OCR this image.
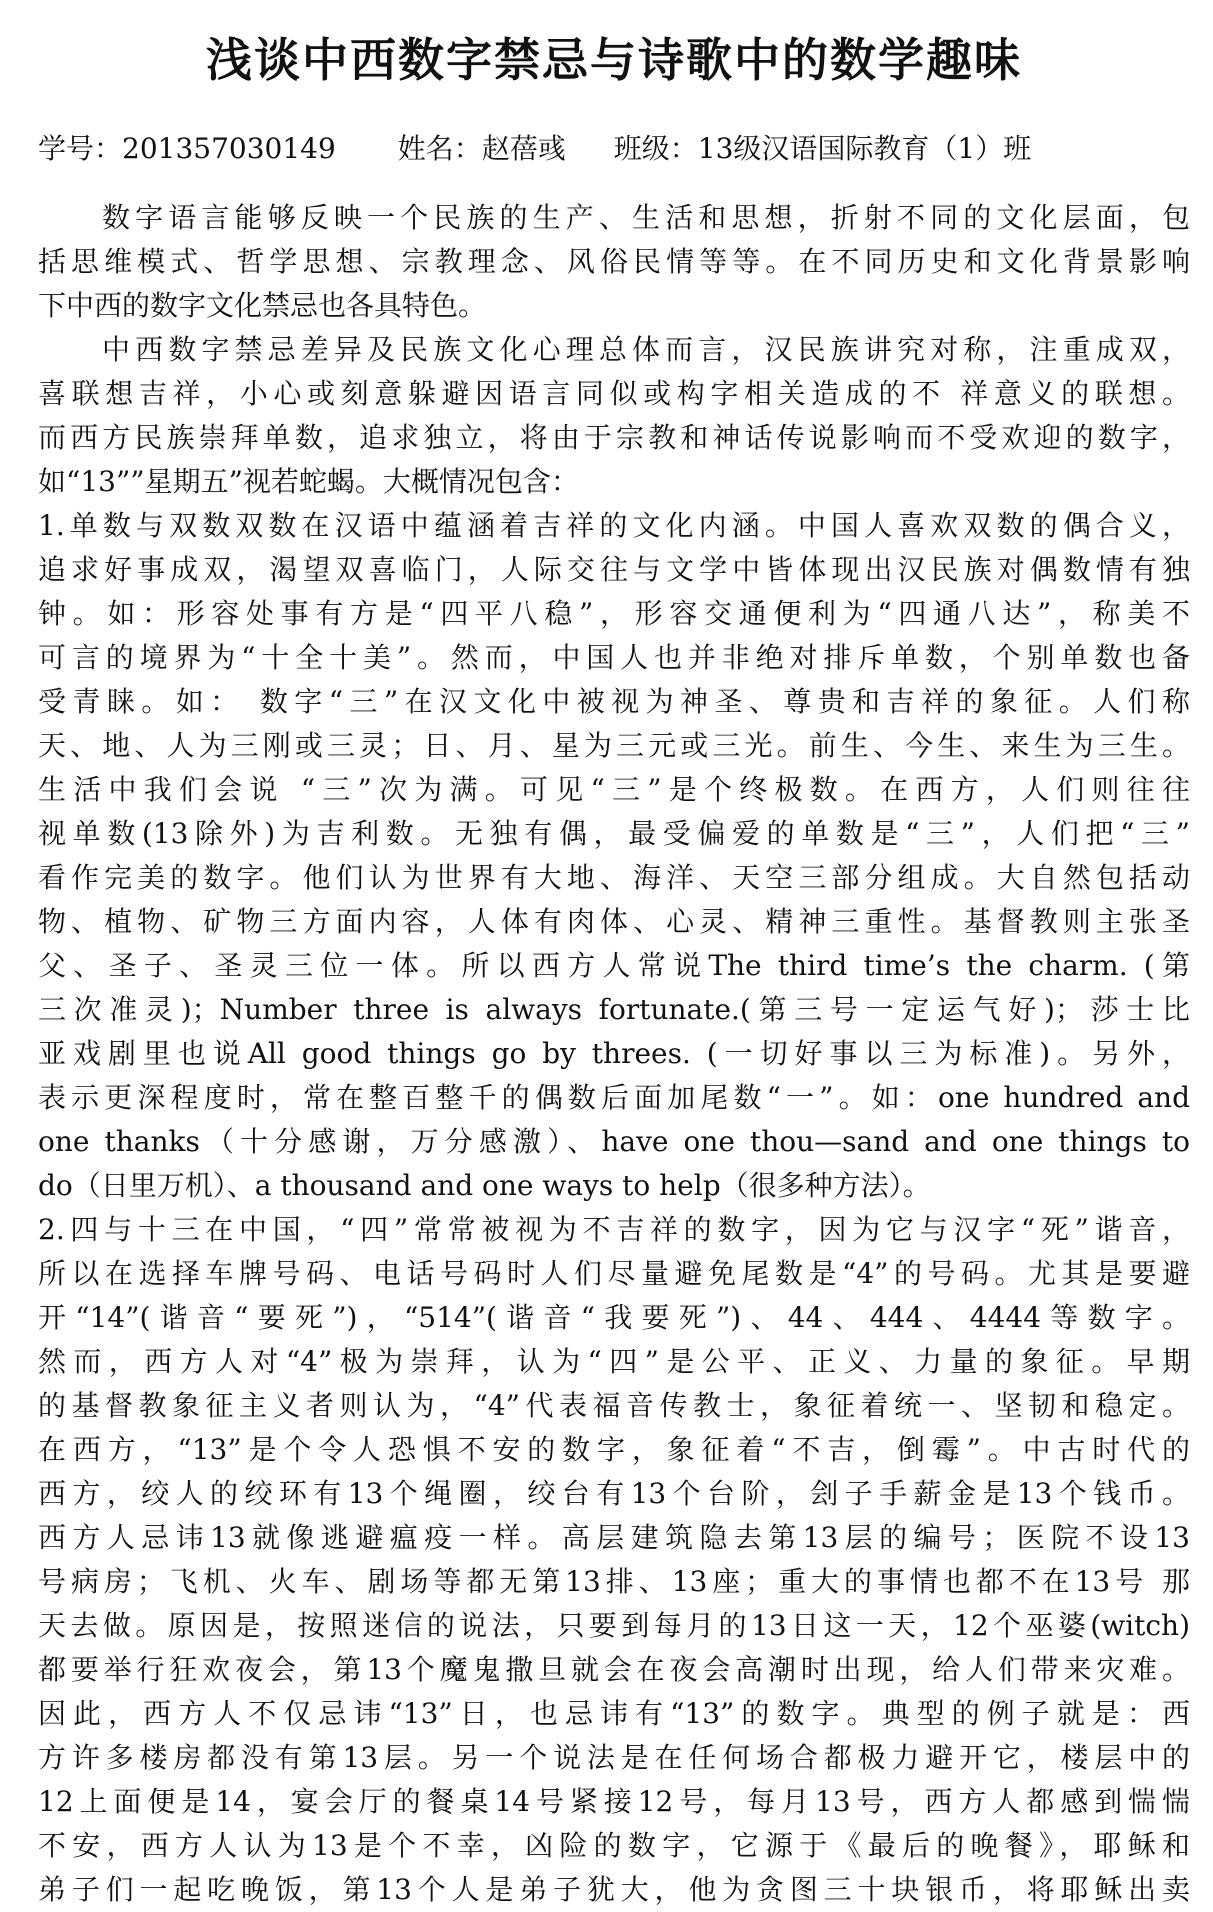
浅谈中西数字禁忌与诗歌中的数学趣味
学号：201357030149 姓名：赵蓓彧 班级：13级汉语国际教育（1）班
数字语言能够反映一个民族的生产、生活和思想，折射不同的文化层面，包
括思维模式、哲学思想、宗教理念、风俗民情等等。在不同历史和文化背景影响
下中西的数字文化禁忌也各具特色。
中西数字禁忌差异及民族文化心理总体而言，汉民族讲究对称，注重成双，
喜联想吉祥，小心或刻意躲避因语言同似或构字相关造成的不 祥意义的联想。
而西方民族崇拜单数，追求独立，将由于宗教和神话传说影响而不受欢迎的数字，
如“13””星期五”视若蛇蝎。大概情况包含：
1.单数与双数双数在汉语中蕴涵着吉祥的文化内涵。中国人喜欢双数的偶合义，
追求好事成双，渴望双喜临门，人际交往与文学中皆体现出汉民族对偶数情有独
钟。如：形容处事有方是“四平八稳”，形容交通便利为“四通八达”，称美不
可言的境界为“十全十美”。然而，中国人也并非绝对排斥单数，个别单数也备
受青睐。如： 数字“三”在汉文化中被视为神圣、尊贵和吉祥的象征。人们称
天、地、人为三刚或三灵；日、月、星为三元或三光。前生、今生、来生为三生。
生活中我们会说 “三”次为满。可见“三”是个终极数。在西方，人们则往往
视单数(13除外)为吉利数。无独有偶，最受偏爱的单数是“三”，人们把“三”
看作完美的数字。他们认为世界有大地、海洋、天空三部分组成。大自然包括动
物、植物、矿物三方面内容，人体有肉体、心灵、精神三重性。基督教则主张圣
父、圣子、圣灵三位一体。所以西方人常说The third time’s the charm. (第
三次准灵)；Number three is always fortunate.(第三号一定运气好)；莎士比
亚戏剧里也说All good things go by threes. (一切好事以三为标准)。另外，
表示更深程度时，常在整百整千的偶数后面加尾数“一”。如：one hundred and
one thanks（十分感谢，万分感激）、have one thou—sand and one things to
do（日里万机）、a thousand and one ways to help（很多种方法）。
2.四与十三在中国，“四”常常被视为不吉祥的数字，因为它与汉字“死”谐音，
所以在选择车牌号码、电话号码时人们尽量避免尾数是“4”的号码。尤其是要避
开“14”(谐音“要死”)，“514”(谐音“我要死”)、44、444、4444等数字。
然而，西方人对“4”极为崇拜，认为“四”是公平、正义、力量的象征。早期
的基督教象征主义者则认为，“4”代表福音传教士，象征着统一、坚韧和稳定。
在西方，“13”是个令人恐惧不安的数字，象征着“不吉，倒霉”。中古时代的
西方，绞人的绞环有13个绳圈，绞台有13个台阶，刽子手薪金是13个钱币。
西方人忌讳13就像逃避瘟疫一样。高层建筑隐去第13层的编号；医院不设13
号病房；飞机、火车、剧场等都无第13排、13座；重大的事情也都不在13号 那
天去做。原因是，按照迷信的说法，只要到每月的13日这一天，12个巫婆(witch)
都要举行狂欢夜会，第13个魔鬼撒旦就会在夜会高潮时出现，给人们带来灾难。
因此，西方人不仅忌讳“13”日，也忌讳有“13”的数字。典型的例子就是：西
方许多楼房都没有第13层。另一个说法是在任何场合都极力避开它，楼层中的
12上面便是14，宴会厅的餐桌14号紧接12号，每月13号，西方人都感到惴惴
不安，西方人认为13是个不幸，凶险的数字，它源于《最后的晚餐》，耶稣和
弟子们一起吃晚饭，第13个人是弟子犹大，他为贪图三十块银币，将耶稣出卖
